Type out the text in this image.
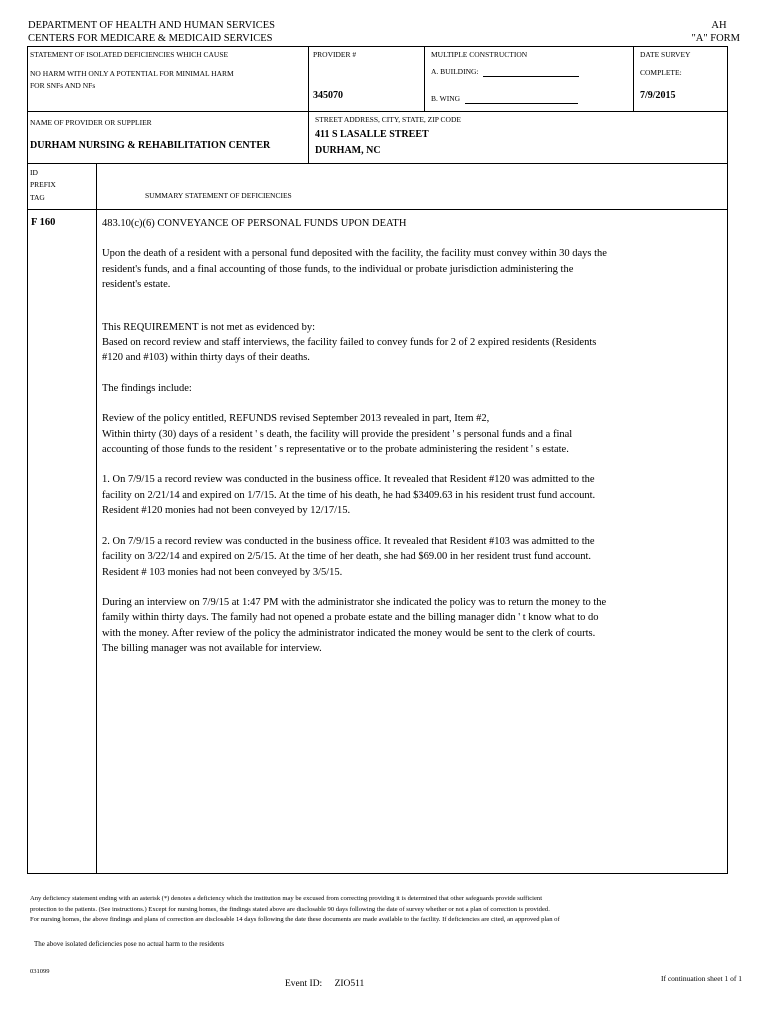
DEPARTMENT OF HEALTH AND HUMAN SERVICES
CENTERS FOR MEDICARE & MEDICAID SERVICES
AH
"A" FORM
STATEMENT OF ISOLATED DEFICIENCIES WHICH CAUSE
NO HARM WITH ONLY A POTENTIAL FOR MINIMAL HARM
FOR SNFs AND NFs
PROVIDER #
345070
MULTIPLE CONSTRUCTION
A. BUILDING:
B. WING
DATE SURVEY
COMPLETE:
7/9/2015
NAME OF PROVIDER OR SUPPLIER
DURHAM NURSING & REHABILITATION CENTER
STREET ADDRESS, CITY, STATE, ZIP CODE
411 S LASALLE STREET
DURHAM, NC
ID
PREFIX
TAG	SUMMARY STATEMENT OF DEFICIENCIES
F 160	483.10(c)(6) CONVEYANCE OF PERSONAL FUNDS UPON DEATH

Upon the death of a resident with a personal fund deposited with the facility, the facility must convey within 30 days the resident's funds, and a final accounting of those funds, to the individual or probate jurisdiction administering the resident's estate.

This REQUIREMENT is not met as evidenced by:

Based on record review and staff interviews, the facility failed to convey funds for 2 of 2 expired residents (Residents #120 and #103) within thirty days of their deaths.

The findings include:

Review of the policy entitled, REFUNDS revised September 2013 revealed in part, Item #2,

Within thirty (30) days of a resident ' s death, the facility will provide the president ' s personal funds and a final accounting of those funds to the resident ' s representative or to the probate administering the resident ' s estate.

1. On 7/9/15 a record review was conducted in the business office. It revealed that Resident #120 was admitted to the facility on 2/21/14 and expired on 1/7/15. At the time of his death, he had $3409.63 in his resident trust fund account. Resident #120 monies had not been conveyed by 12/17/15.

2. On 7/9/15 a record review was conducted in the business office. It revealed that Resident #103 was admitted to the facility on 3/22/14 and expired on 2/5/15. At the time of her death, she had $69.00 in her resident trust fund account. Resident # 103 monies had not been conveyed by 3/5/15.

During an interview on 7/9/15 at 1:47 PM with the administrator she indicated the policy was to return the money to the family within thirty days. The family had not opened a probate estate and the billing manager didn ' t know what to do with the money. After review of the policy the administrator indicated the money would be sent to the clerk of courts. The billing manager was not available for interview.

Any deficiency statement ending with an asterisk (*) denotes a deficiency which the institution may be excused from correcting providing it is determined that other safeguards provide sufficient
protection to the patients. (See instructions.) Except for nursing homes, the findings stated above are disclosable 90 days following the date of survey whether or not a plan of correction is provided.
For nursing homes, the above findings and plans of correction are disclosable 14 days following the date these documents are made available to the facility. If deficiencies are cited, an approved plan of
The above isolated deficiencies pose no actual harm to the residents
031099
Event ID: ZIO511
If continuation sheet 1 of 1
